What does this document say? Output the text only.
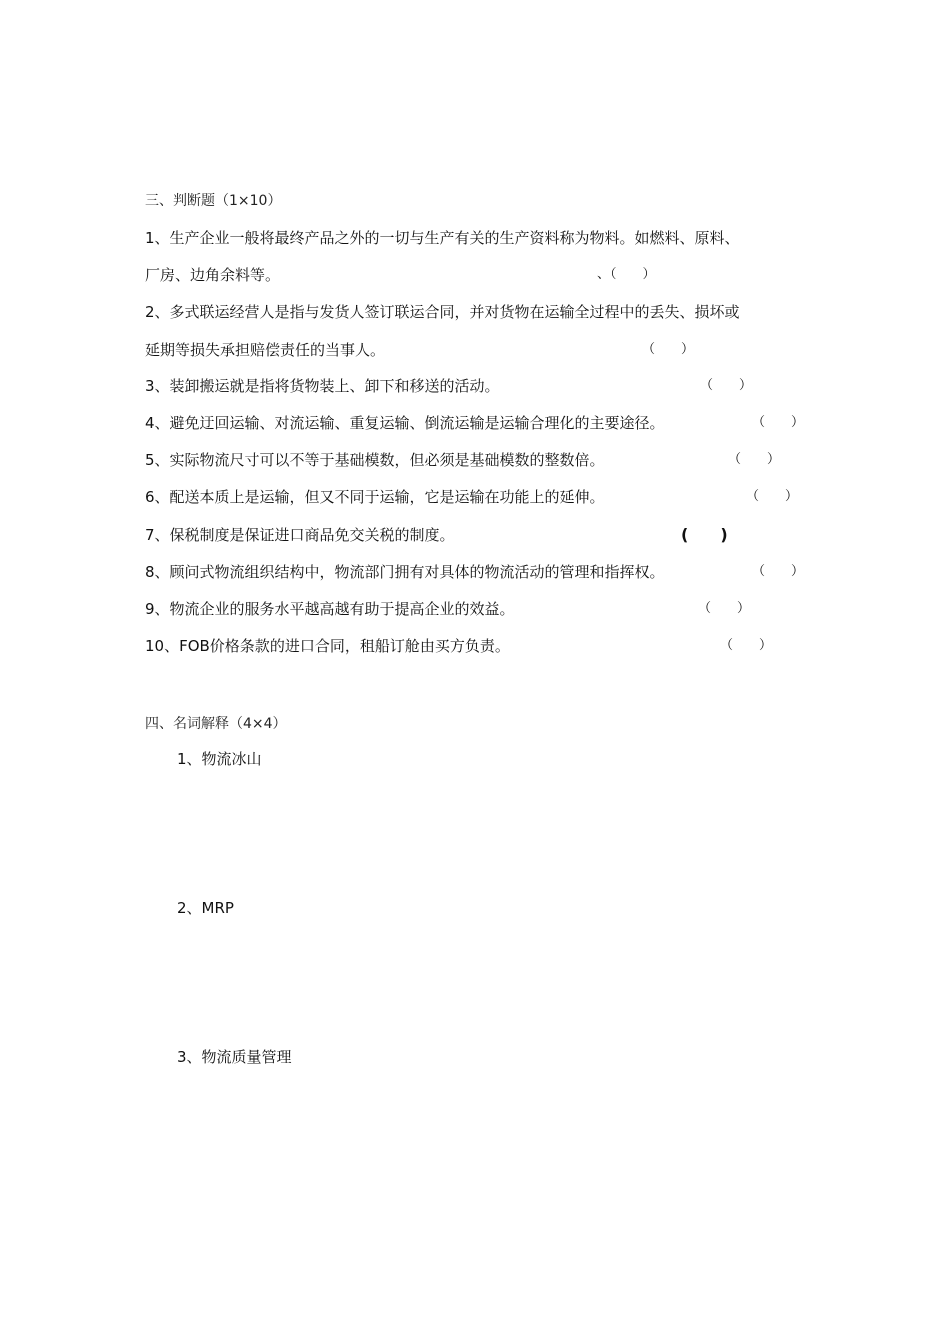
三、判断题（1×10）
1、生产企业一般将最终产品之外的一切与生产有关的生产资料称为物料。如燃料、原料、
厂房、边角余料等。	、（　　）
2、多式联运经营人是指与发货人签订联运合同，并对货物在运输全过程中的丢失、损坏或
延期等损失承担赔偿责任的当事人。	（　　）
3、装卸搬运就是指将货物装上、卸下和移送的活动。	（　　）
4、避免迂回运输、对流运输、重复运输、倒流运输是运输合理化的主要途径。	（　　）
5、实际物流尺寸可以不等于基础模数，但必须是基础模数的整数倍。	（　　）
6、配送本质上是运输，但又不同于运输，它是运输在功能上的延伸。	（　　）
7、保税制度是保证进口商品免交关税的制度。	(　　)
8、顾问式物流组织结构中，物流部门拥有对具体的物流活动的管理和指挥权。	（　　）
9、物流企业的服务水平越高越有助于提高企业的效益。	（　　）
10、FOB价格条款的进口合同，租船订舱由买方负责。	（　　）
四、名词解释（4×4）
1、物流冰山
2、MRP
3、物流质量管理
